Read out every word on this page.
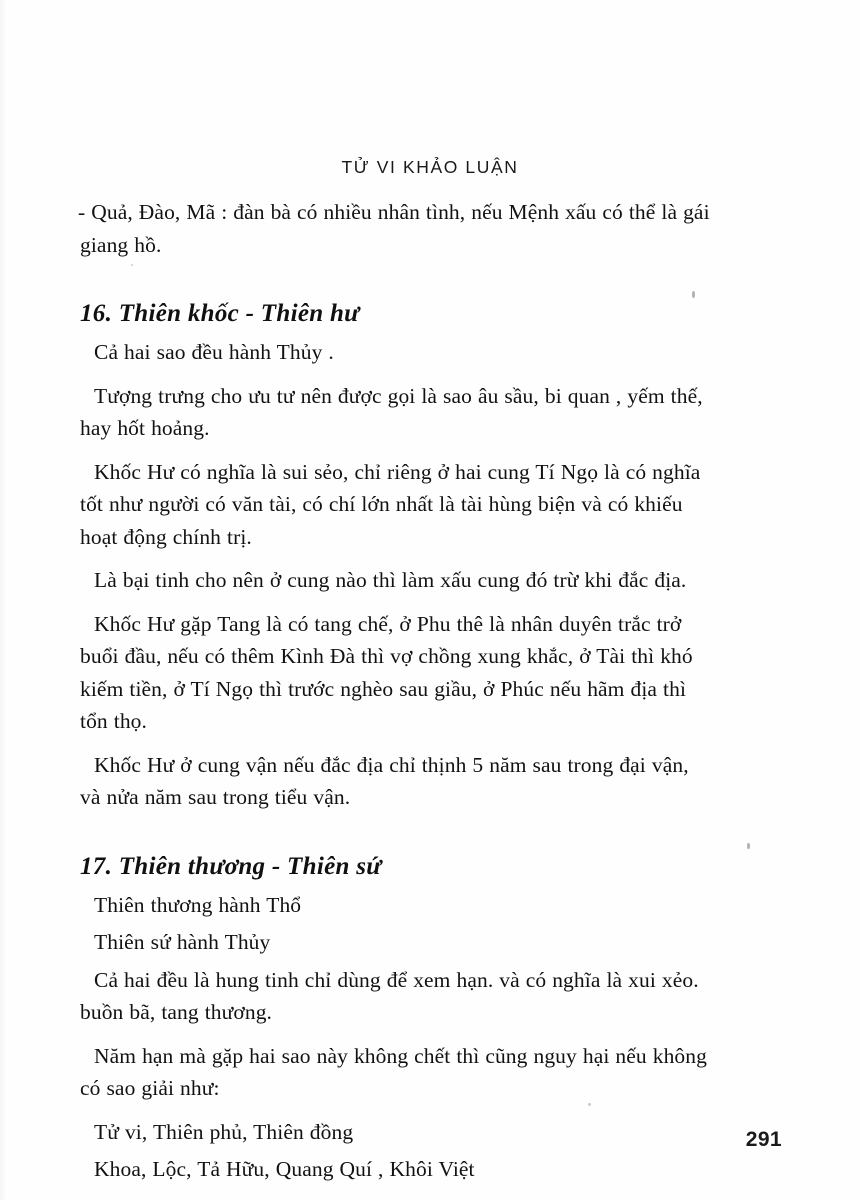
TỬ VI KHẢO LUẬN

- Quả, Đào, Mã : đàn bà có nhiều nhân tình, nếu Mệnh xấu có thể là gái giang hồ.

16. Thiên khốc - Thiên hư

Cả hai sao đều hành Thủy .

Tượng trưng cho ưu tư nên được gọi là sao âu sầu, bi quan , yếm thế, hay hốt hoảng.

Khốc Hư có nghĩa là sui sẻo, chỉ riêng ở hai cung Tí Ngọ là có nghĩa tốt như người có văn tài, có chí lớn nhất là tài hùng biện và có khiếu hoạt động chính trị.

Là bại tinh cho nên ở cung nào thì làm xấu cung đó trừ khi đắc địa.

Khốc Hư gặp Tang là có tang chế, ở Phu thê là nhân duyên trắc trở buổi đầu, nếu có thêm Kình Đà thì vợ chồng xung khắc, ở Tài thì khó kiếm tiền, ở Tí Ngọ thì trước nghèo sau giầu, ở Phúc nếu hãm địa thì tổn thọ.

Khốc Hư ở cung vận nếu đắc địa chỉ thịnh 5 năm sau trong đại vận, và nửa năm sau trong tiểu vận.

17. Thiên thương - Thiên sứ

Thiên thương hành Thổ

Thiên sứ hành Thủy

Cả hai đều là hung tinh chỉ dùng để xem hạn. và có nghĩa là xui xẻo. buồn bã, tang thương.

Năm hạn mà gặp hai sao này không chết thì cũng nguy hại nếu không có sao giải như:

Tử vi, Thiên phủ, Thiên đồng

Khoa, Lộc, Tả Hữu, Quang Quí , Khôi Việt

291
